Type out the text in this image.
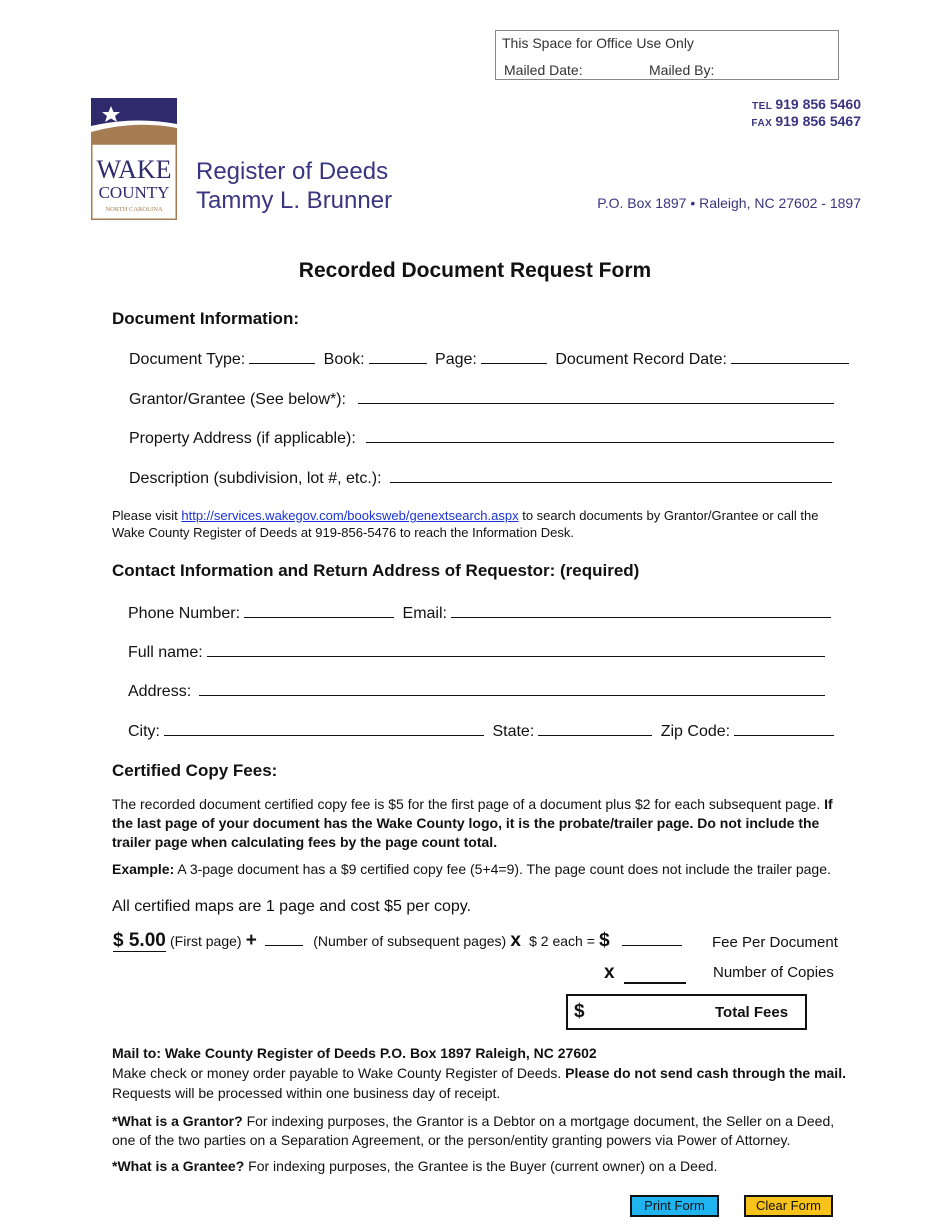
This Space for Office Use Only
Mailed Date:	Mailed By:
WAKE
COUNTY
NORTH CAROLINA
Register of Deeds
Tammy L. Brunner
TEL 919 856 5460
FAX 919 856 5467
P.O. Box 1897 • Raleigh, NC 27602 - 1897
Recorded Document Request Form
Document Information:
Document Type:	Book:	Page:	Document Record Date:
Grantor/Grantee (See below*):
Property Address (if applicable):
Description (subdivision, lot #, etc.):
Please visit http://services.wakegov.com/booksweb/genextsearch.aspx to search documents by Grantor/Grantee or call the Wake County Register of Deeds at 919-856-5476 to reach the Information Desk.
Contact Information and Return Address of Requestor: (required)
Phone Number:	Email:
Full name:
Address:
City:	State:	Zip Code:
Certified Copy Fees:
The recorded document certified copy fee is $5 for the first page of a document plus $2 for each subsequent page. If the last page of your document has the Wake County logo, it is the probate/trailer page. Do not include the trailer page when calculating fees by the page count total.
Example: A 3-page document has a $9 certified copy fee (5+4=9). The page count does not include the trailer page.
All certified maps are 1 page and cost $5 per copy.
$ 5.00 (First page) +	(Number of subsequent pages) x $ 2 each = $	Fee Per Document
x	Number of Copies
$	Total Fees
Mail to: Wake County Register of Deeds P.O. Box 1897 Raleigh, NC 27602
Make check or money order payable to Wake County Register of Deeds. Please do not send cash through the mail.
Requests will be processed within one business day of receipt.
*What is a Grantor? For indexing purposes, the Grantor is a Debtor on a mortgage document, the Seller on a Deed, one of the two parties on a Separation Agreement, or the person/entity granting powers via Power of Attorney.
*What is a Grantee? For indexing purposes, the Grantee is the Buyer (current owner) on a Deed.
Print Form	Clear Form
